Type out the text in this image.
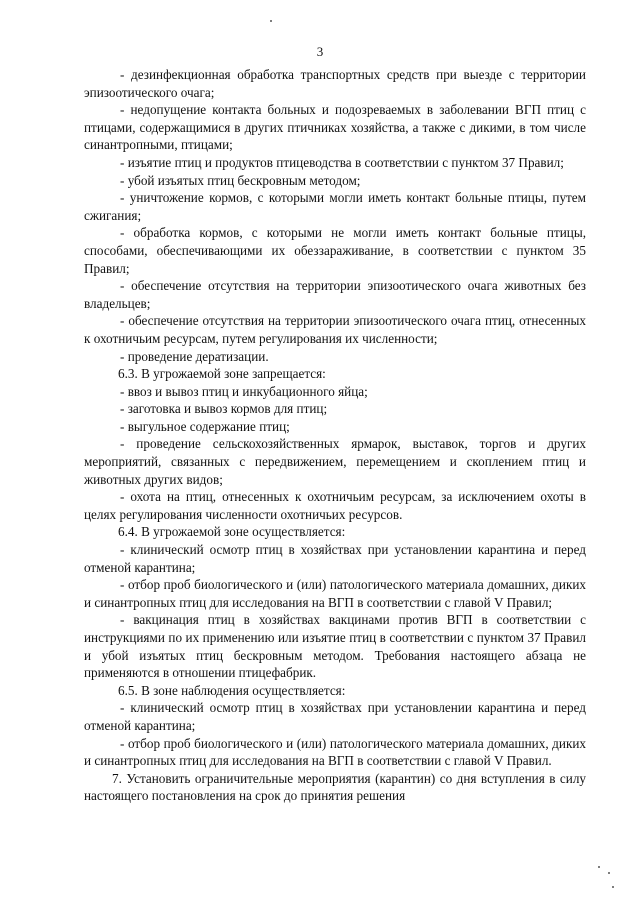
3

- дезинфекционная обработка транспортных средств при выезде с территории эпизоотического очага;

- недопущение контакта больных и подозреваемых в заболевании ВГП птиц с птицами, содержащимися в других птичниках хозяйства, а также с дикими, в том числе синантропными, птицами;

- изъятие птиц и продуктов птицеводства в соответствии с пунктом 37 Правил;

- убой изъятых птиц бескровным методом;

- уничтожение кормов, с которыми могли иметь контакт больные птицы, путем сжигания;

- обработка кормов, с которыми не могли иметь контакт больные птицы, способами, обеспечивающими их обеззараживание, в соответствии с пунктом 35 Правил;

- обеспечение отсутствия на территории эпизоотического очага животных без владельцев;

- обеспечение отсутствия на территории эпизоотического очага птиц, отнесенных к охотничьим ресурсам, путем регулирования их численности;

- проведение дератизации.

6.3. В угрожаемой зоне запрещается:

- ввоз и вывоз птиц и инкубационного яйца;

- заготовка и вывоз кормов для птиц;

- выгульное содержание птиц;

- проведение сельскохозяйственных ярмарок, выставок, торгов и других мероприятий, связанных с передвижением, перемещением и скоплением птиц и животных других видов;

- охота на птиц, отнесенных к охотничьим ресурсам, за исключением охоты в целях регулирования численности охотничьих ресурсов.

6.4. В угрожаемой зоне осуществляется:

- клинический осмотр птиц в хозяйствах при установлении карантина и перед отменой карантина;

- отбор проб биологического и (или) патологического материала домашних, диких и синантропных птиц для исследования на ВГП в соответствии с главой V Правил;

- вакцинация птиц в хозяйствах вакцинами против ВГП в соответствии с инструкциями по их применению или изъятие птиц в соответствии с пунктом 37 Правил и убой изъятых птиц бескровным методом. Требования настоящего абзаца не применяются в отношении птицефабрик.

6.5. В зоне наблюдения осуществляется:

- клинический осмотр птиц в хозяйствах при установлении карантина и перед отменой карантина;

- отбор проб биологического и (или) патологического материала домашних, диких и синантропных птиц для исследования на ВГП в соответствии с главой V Правил.

7. Установить ограничительные мероприятия (карантин) со дня вступления в силу настоящего постановления на срок до принятия решения
